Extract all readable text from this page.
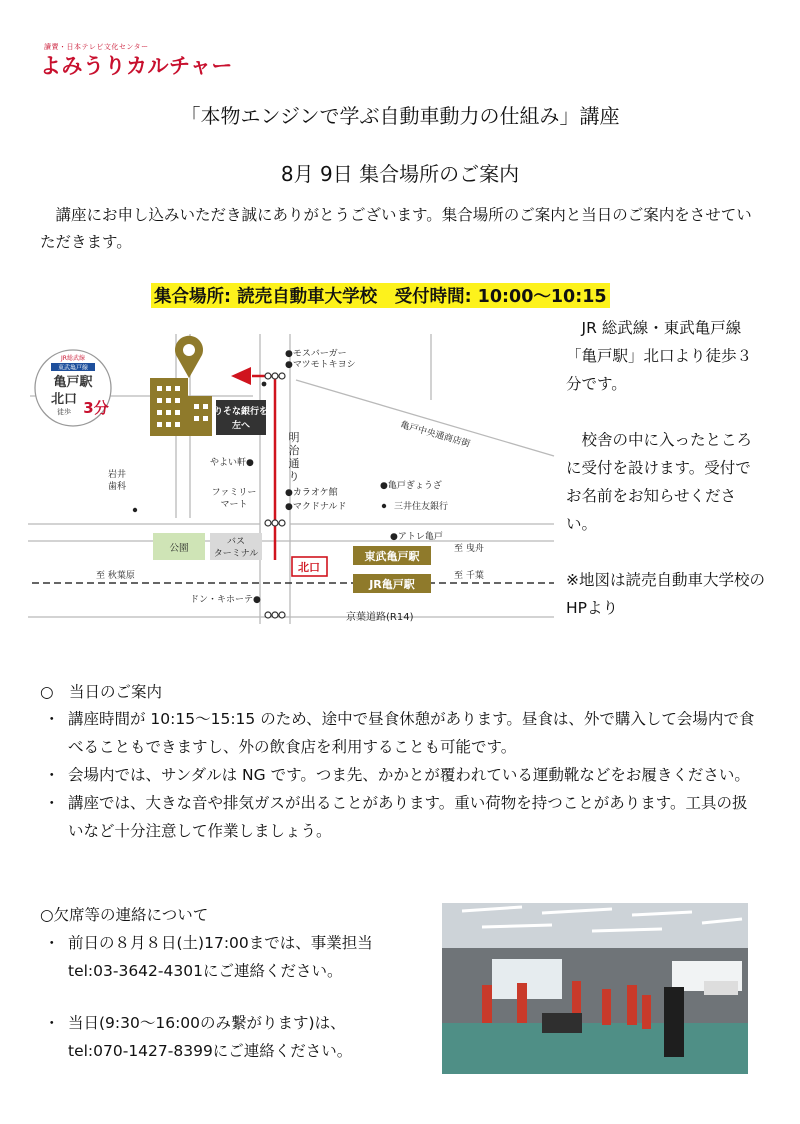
讀賣・日本テレビ文化センター
よみうりカルチャー
「本物エンジンで学ぶ自動車動力の仕組み」講座
8月 9日 集合場所のご案内
講座にお申し込みいただき誠にありがとうございます。集合場所のご案内と当日のご案内をさせていただきます。
集合場所: 読売自動車大学校　受付時間: 10:00～10:15
JR総武線
東武亀戸線
亀戸駅
北口
徒歩 3分	りそな銀行を
左へ
●モスバーガー
●マツモトキヨシ
明
治
通
り
亀戸中央通商店街
やよい軒●
岩井
歯科
ファミリー
マート
●カラオケ館
●マクドナルド
●亀戸ぎょうざ
三井住友銀行
●アトレ亀戸
公園
バス
ターミナル
北口
東武亀戸駅
JR亀戸駅
至 曳舟
至 秋葉原	至 千葉
ドン・キホーテ●
京葉道路(R14)

JR 総武線・東武亀戸線「亀戸駅」北口より徒歩３分です。

校舎の中に入ったところに受付を設けます。受付でお名前をお知らせください。

※地図は読売自動車大学校のHPより

○　当日のご案内
・ 講座時間が 10:15～15:15 のため、途中で昼食休憩があります。昼食は、外で購入して会場内で食べることもできますし、外の飲食店を利用することも可能です。
・ 会場内では、サンダルは NG です。つま先、かかとが覆われている運動靴などをお履きください。
・ 講座では、大きな音や排気ガスが出ることがあります。重い荷物を持つことがあります。工具の扱いなど十分注意して作業しましょう。
○欠席等の連絡について
・ 前日の８月８日(土)17:00までは、事業担当
tel:03-3642-4301にご連絡ください。
・ 当日(9:30～16:00のみ繋がります)は、
tel:070-1427-8399にご連絡ください。
